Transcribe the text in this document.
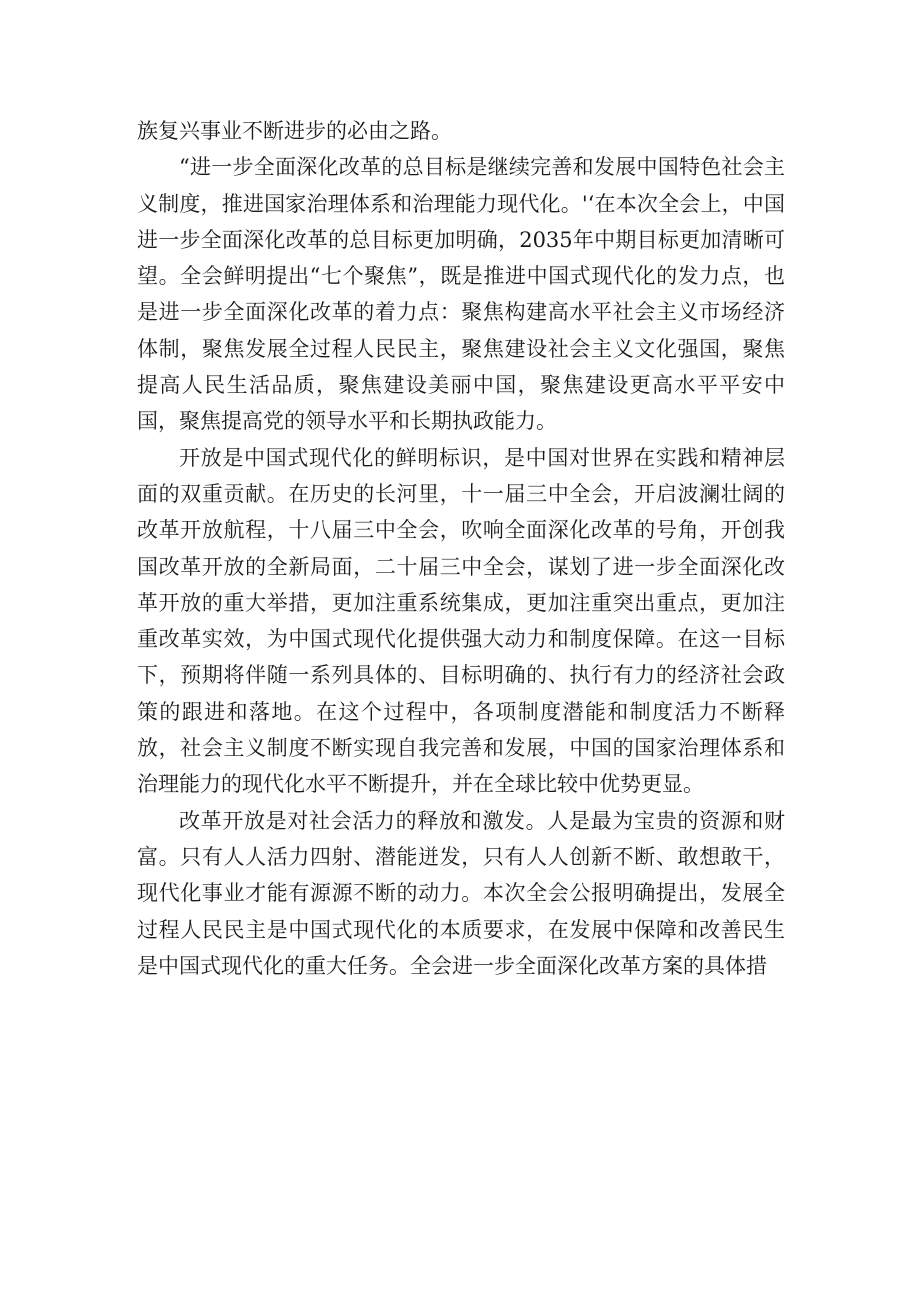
族复兴事业不断进步的必由之路。

“进一步全面深化改革的总目标是继续完善和发展中国特色社会主义制度，推进国家治理体系和治理能力现代化。'‘在本次全会上，中国进一步全面深化改革的总目标更加明确，2035年中期目标更加清晰可望。全会鲜明提出“七个聚焦”，既是推进中国式现代化的发力点，也是进一步全面深化改革的着力点：聚焦构建高水平社会主义市场经济体制，聚焦发展全过程人民民主，聚焦建设社会主义文化强国，聚焦提高人民生活品质，聚焦建设美丽中国，聚焦建设更高水平平安中国，聚焦提高党的领导水平和长期执政能力。

开放是中国式现代化的鲜明标识，是中国对世界在实践和精神层面的双重贡献。在历史的长河里，十一届三中全会，开启波澜壮阔的改革开放航程，十八届三中全会，吹响全面深化改革的号角，开创我国改革开放的全新局面，二十届三中全会，谋划了进一步全面深化改革开放的重大举措，更加注重系统集成，更加注重突出重点，更加注重改革实效，为中国式现代化提供强大动力和制度保障。在这一目标下，预期将伴随一系列具体的、目标明确的、执行有力的经济社会政策的跟进和落地。在这个过程中，各项制度潜能和制度活力不断释放，社会主义制度不断实现自我完善和发展，中国的国家治理体系和治理能力的现代化水平不断提升，并在全球比较中优势更显。

改革开放是对社会活力的释放和激发。人是最为宝贵的资源和财富。只有人人活力四射、潜能迸发，只有人人创新不断、敢想敢干，现代化事业才能有源源不断的动力。本次全会公报明确提出，发展全过程人民民主是中国式现代化的本质要求，在发展中保障和改善民生是中国式现代化的重大任务。全会进一步全面深化改革方案的具体措
